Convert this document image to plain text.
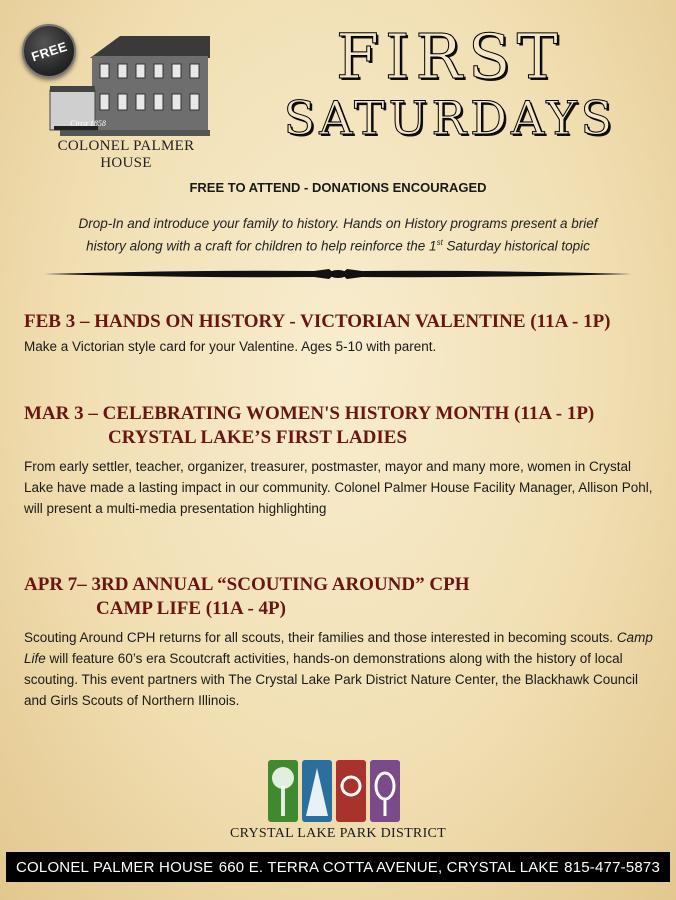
FREE
Circa 1858
COLONEL PALMER HOUSE
FIRST
SATURDAYS
FREE TO ATTEND - DONATIONS ENCOURAGED
Drop-In and introduce your family to history. Hands on History programs present a brief
history along with a craft for children to help reinforce the 1st Saturday historical topic
FEB 3 – HANDS ON HISTORY - VICTORIAN VALENTINE (11A - 1P)
Make a Victorian style card for your Valentine. Ages 5-10 with parent.
MAR 3 – CELEBRATING WOMEN'S HISTORY MONTH (11A - 1P)
CRYSTAL LAKE’S FIRST LADIES
From early settler, teacher, organizer, treasurer, postmaster, mayor and many more, women in Crystal Lake have made a lasting impact in our community. Colonel Palmer House Facility Manager, Allison Pohl, will present a multi-media presentation highlighting
APR 7– 3RD ANNUAL “SCOUTING AROUND” CPH
CAMP LIFE (11A - 4P)
Scouting Around CPH returns for all scouts, their families and those interested in becoming scouts. Camp Life will feature 60’s era Scoutcraft activities, hands-on demonstrations along with the history of local scouting. This event partners with The Crystal Lake Park District Nature Center, the Blackhawk Council and Girls Scouts of Northern Illinois.
CRYSTAL LAKE PARK DISTRICT
COLONEL PALMER HOUSE 660 E. TERRA COTTA AVENUE, CRYSTAL LAKE 815-477-5873
